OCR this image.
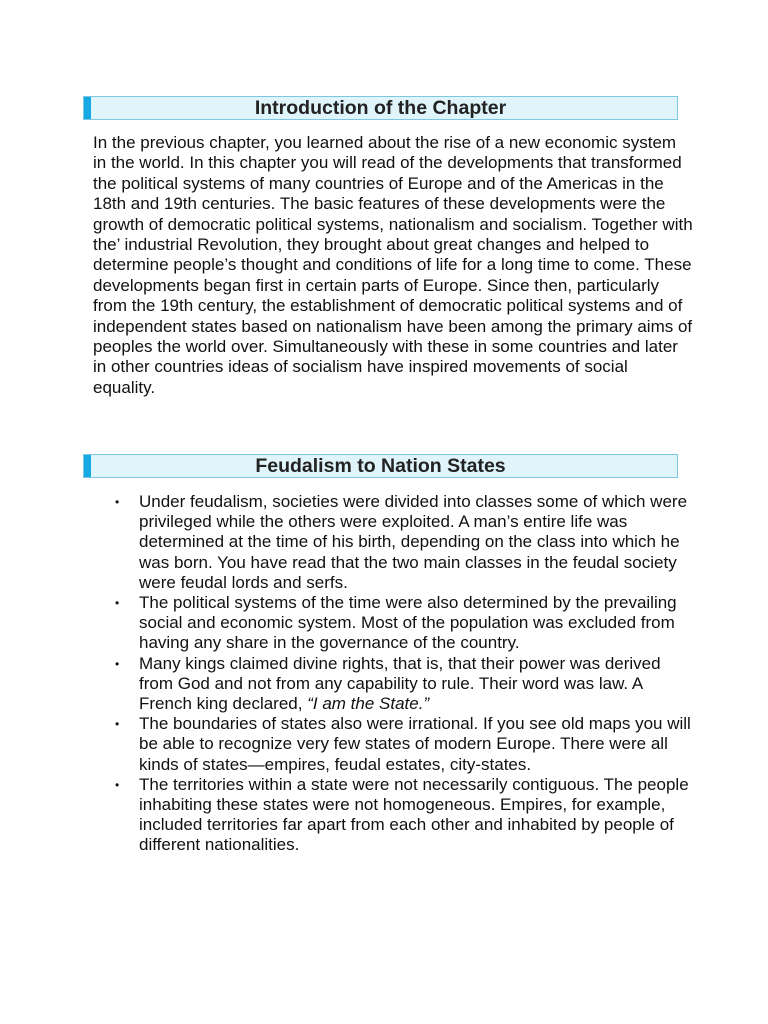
Introduction of the Chapter

In the previous chapter, you learned about the rise of a new economic system in the world. In this chapter you will read of the developments that transformed the political systems of many countries of Europe and of the Americas in the 18th and 19th centuries. The basic features of these developments were the growth of democratic political systems, nationalism and socialism. Together with the’ industrial Revolution, they brought about great changes and helped to determine people’s thought and conditions of life for a long time to come. These developments began first in certain parts of Europe. Since then, particularly from the 19th century, the establishment of democratic political systems and of independent states based on nationalism have been among the primary aims of peoples the world over. Simultaneously with these in some countries and later in other countries ideas of socialism have inspired movements of social equality.

Feudalism to Nation States
• Under feudalism, societies were divided into classes some of which were privileged while the others were exploited. A man’s entire life was determined at the time of his birth, depending on the class into which he was born. You have read that the two main classes in the feudal society were feudal lords and serfs.
• The political systems of the time were also determined by the prevailing social and economic system. Most of the population was excluded from having any share in the governance of the country.
• Many kings claimed divine rights, that is, that their power was derived from God and not from any capability to rule. Their word was law. A French king declared, “I am the State.”
• The boundaries of states also were irrational. If you see old maps you will be able to recognize very few states of modern Europe. There were all kinds of states—empires, feudal estates, city-states.
• The territories within a state were not necessarily contiguous. The people inhabiting these states were not homogeneous. Empires, for example, included territories far apart from each other and inhabited by people of different nationalities.
